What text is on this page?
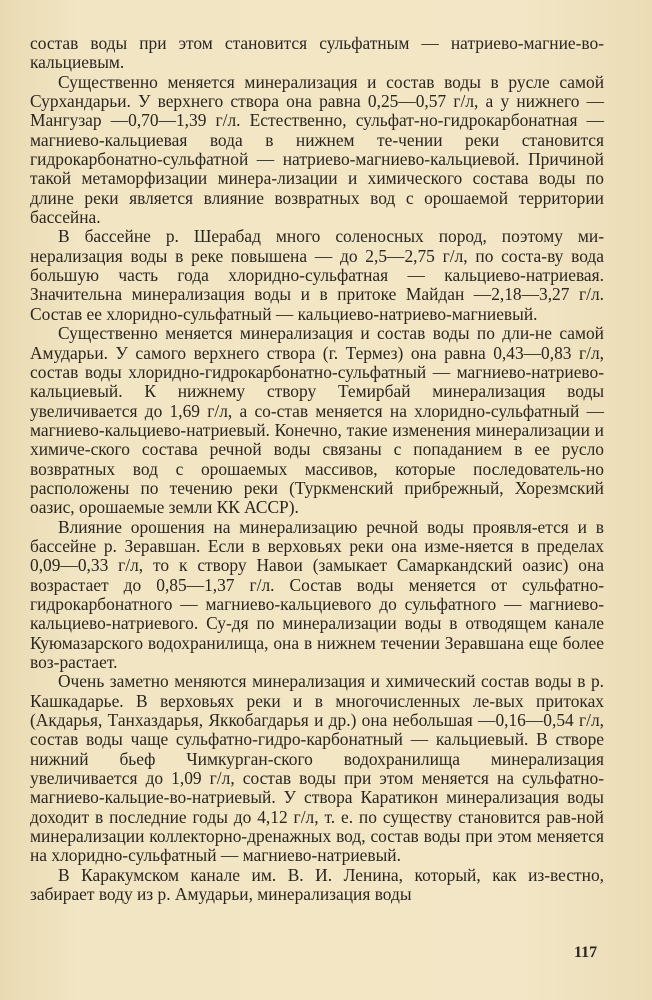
состав воды при этом становится сульфатным — натриево-магние-во-кальциевым.

Существенно меняется минерализация и состав воды в русле самой Сурхандарьи. У верхнего створа она равна 0,25—0,57 г/л, а у нижнего — Мангузар —0,70—1,39 г/л. Естественно, сульфат-но-гидрокарбонатная — магниево-кальциевая вода в нижнем те-чении реки становится гидрокарбонатно-сульфатной — натриево-магниево-кальциевой. Причиной такой метаморфизации минера-лизации и химического состава воды по длине реки является влияние возвратных вод с орошаемой территории бассейна.

В бассейне р. Шерабад много соленосных пород, поэтому ми-нерализация воды в реке повышена — до 2,5—2,75 г/л, по соста-ву вода большую часть года хлоридно-сульфатная — кальциево-натриевая. Значительна минерализация воды и в притоке Майдан —2,18—3,27 г/л. Состав ее хлоридно-сульфатный — кальциево-натриево-магниевый.

Существенно меняется минерализация и состав воды по дли-не самой Амударьи. У самого верхнего створа (г. Термез) она равна 0,43—0,83 г/л, состав воды хлоридно-гидрокарбонатно-сульфатный — магниево-натриево-кальциевый. К нижнему створу Темирбай минерализация воды увеличивается до 1,69 г/л, а со-став меняется на хлоридно-сульфатный — магниево-кальциево-натриевый. Конечно, такие изменения минерализации и химиче-ского состава речной воды связаны с попаданием в ее русло возвратных вод с орошаемых массивов, которые последователь-но расположены по течению реки (Туркменский прибрежный, Хорезмский оазис, орошаемые земли КК АССР).

Влияние орошения на минерализацию речной воды проявля-ется и в бассейне р. Зеравшан. Если в верховьях реки она изме-няется в пределах 0,09—0,33 г/л, то к створу Навои (замыкает Самаркандский оазис) она возрастает до 0,85—1,37 г/л. Состав воды меняется от сульфатно-гидрокарбонатного — магниево-кальциевого до сульфатного — магниево-кальциево-натриевого. Су-дя по минерализации воды в отводящем канале Куюмазарского водохранилища, она в нижнем течении Зеравшана еще более воз-растает.

Очень заметно меняются минерализация и химический состав воды в р. Кашкадарье. В верховьях реки и в многочисленных ле-вых притоках (Акдарья, Танхаздарья, Яккобагдарья и др.) она небольшая —0,16—0,54 г/л, состав воды чаще сульфатно-гидро-карбонатный — кальциевый. В створе нижний бьеф Чимкурган-ского водохранилища минерализация увеличивается до 1,09 г/л, состав воды при этом меняется на сульфатно-магниево-кальцие-во-натриевый. У створа Каратикон минерализация воды доходит в последние годы до 4,12 г/л, т. е. по существу становится рав-ной минерализации коллекторно-дренажных вод, состав воды при этом меняется на хлоридно-сульфатный — магниево-натриевый.

В Каракумском канале им. В. И. Ленина, который, как из-вестно, забирает воду из р. Амударьи, минерализация воды

117
